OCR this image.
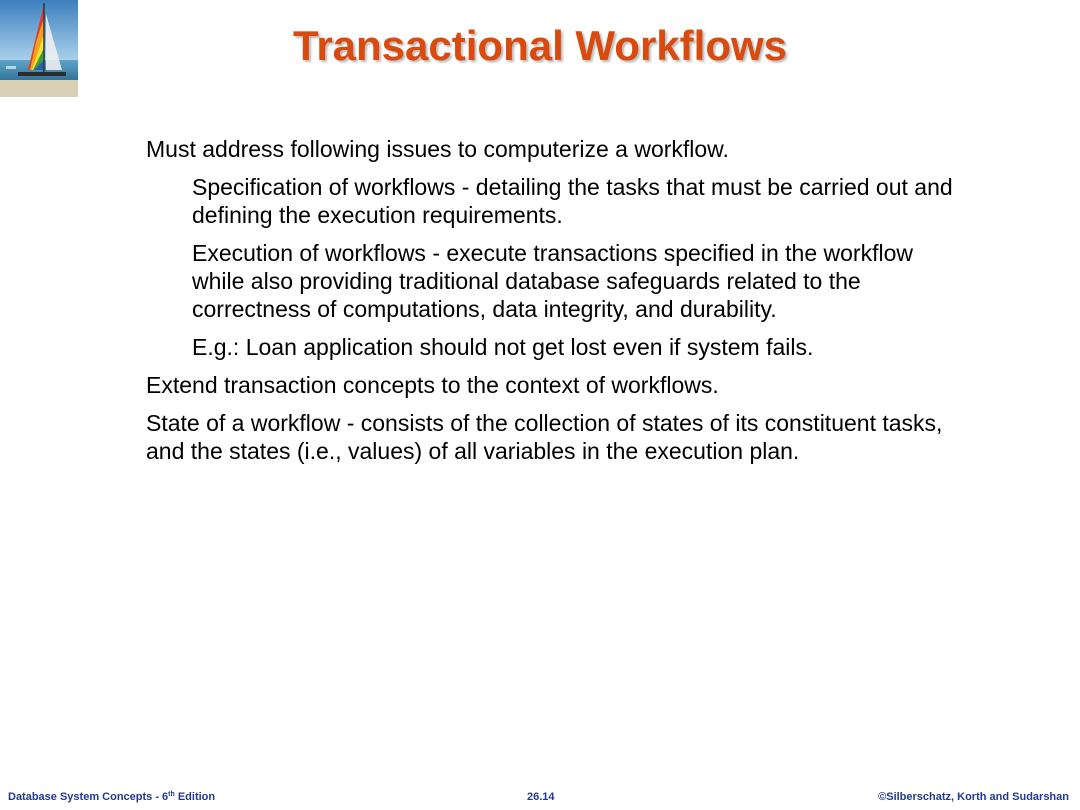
Transactional Workflows

Must address following issues to computerize a workflow.

Specification of workflows - detailing the tasks that must be carried out and defining the execution requirements.

Execution of workflows - execute transactions specified in the workflow while also providing traditional database safeguards related to the correctness of computations, data integrity, and durability.

E.g.: Loan application should not get lost even if system fails.

Extend transaction concepts to the context of workflows.

State of a workflow - consists of the collection of states of its constituent tasks, and the states (i.e., values) of all variables in the execution plan.

Database System Concepts - 6th Edition	26.14	©Silberschatz, Korth and Sudarshan
